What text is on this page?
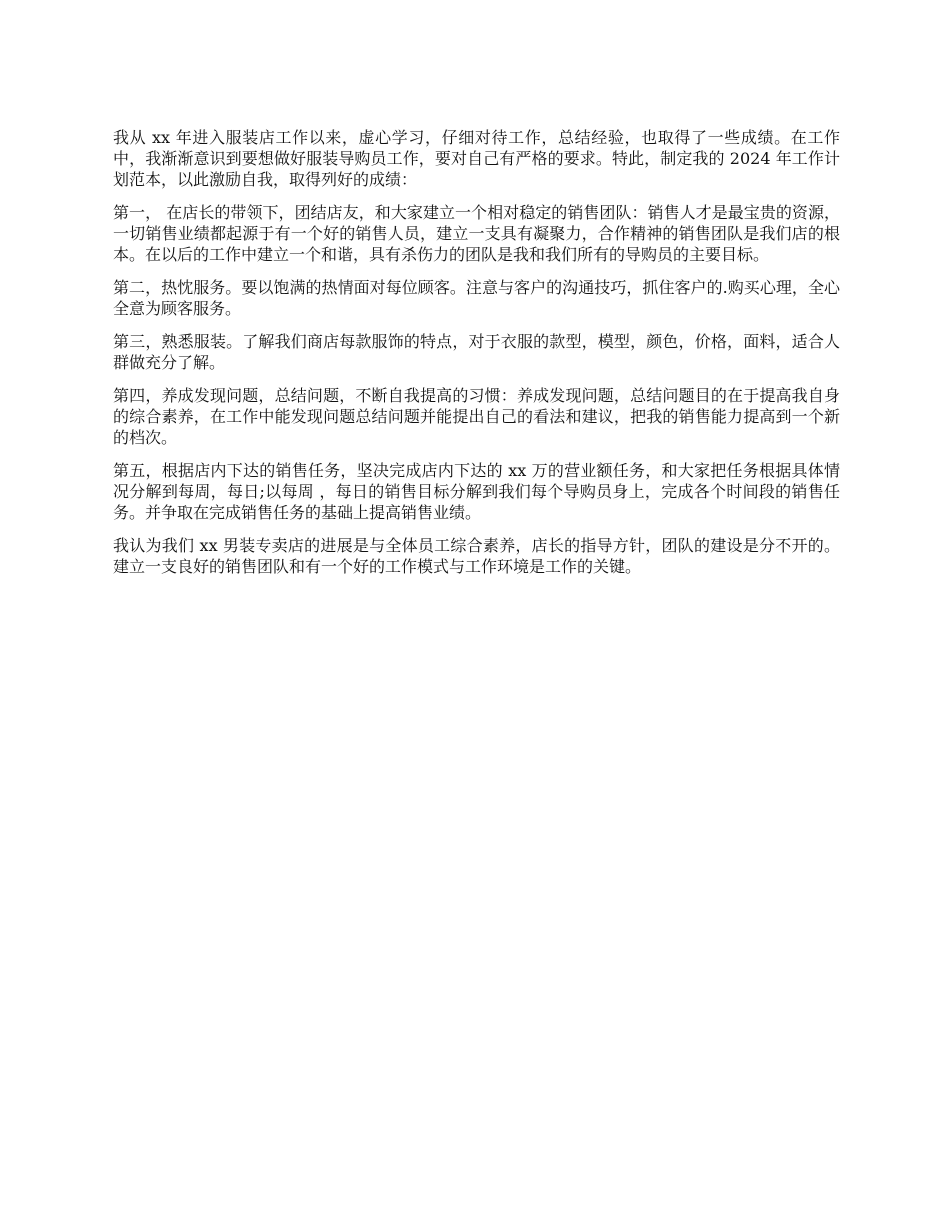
我从 xx 年进入服装店工作以来，虚心学习，仔细对待工作，总结经验，也取得了一些成绩。在工作中，我渐渐意识到要想做好服装导购员工作，要对自己有严格的要求。特此，制定我的 2024 年工作计划范本，以此激励自我，取得列好的成绩：

第一， 在店长的带领下，团结店友，和大家建立一个相对稳定的销售团队：销售人才是最宝贵的资源，一切销售业绩都起源于有一个好的销售人员，建立一支具有凝聚力，合作精神的销售团队是我们店的根本。在以后的工作中建立一个和谐，具有杀伤力的团队是我和我们所有的导购员的主要目标。

第二，热忱服务。要以饱满的热情面对每位顾客。注意与客户的沟通技巧，抓住客户的.购买心理，全心全意为顾客服务。

第三，熟悉服装。了解我们商店每款服饰的特点，对于衣服的款型，模型，颜色，价格，面料，适合人群做充分了解。

第四，养成发现问题，总结问题，不断自我提高的习惯：养成发现问题，总结问题目的在于提高我自身的综合素养，在工作中能发现问题总结问题并能提出自己的看法和建议，把我的销售能力提高到一个新的档次。

第五，根据店内下达的销售任务，坚决完成店内下达的 xx 万的营业额任务，和大家把任务根据具体情况分解到每周，每日;以每周 ，每日的销售目标分解到我们每个导购员身上，完成各个时间段的销售任务。并争取在完成销售任务的基础上提高销售业绩。

我认为我们 xx 男装专卖店的进展是与全体员工综合素养，店长的指导方针，团队的建设是分不开的。建立一支良好的销售团队和有一个好的工作模式与工作环境是工作的关键。
